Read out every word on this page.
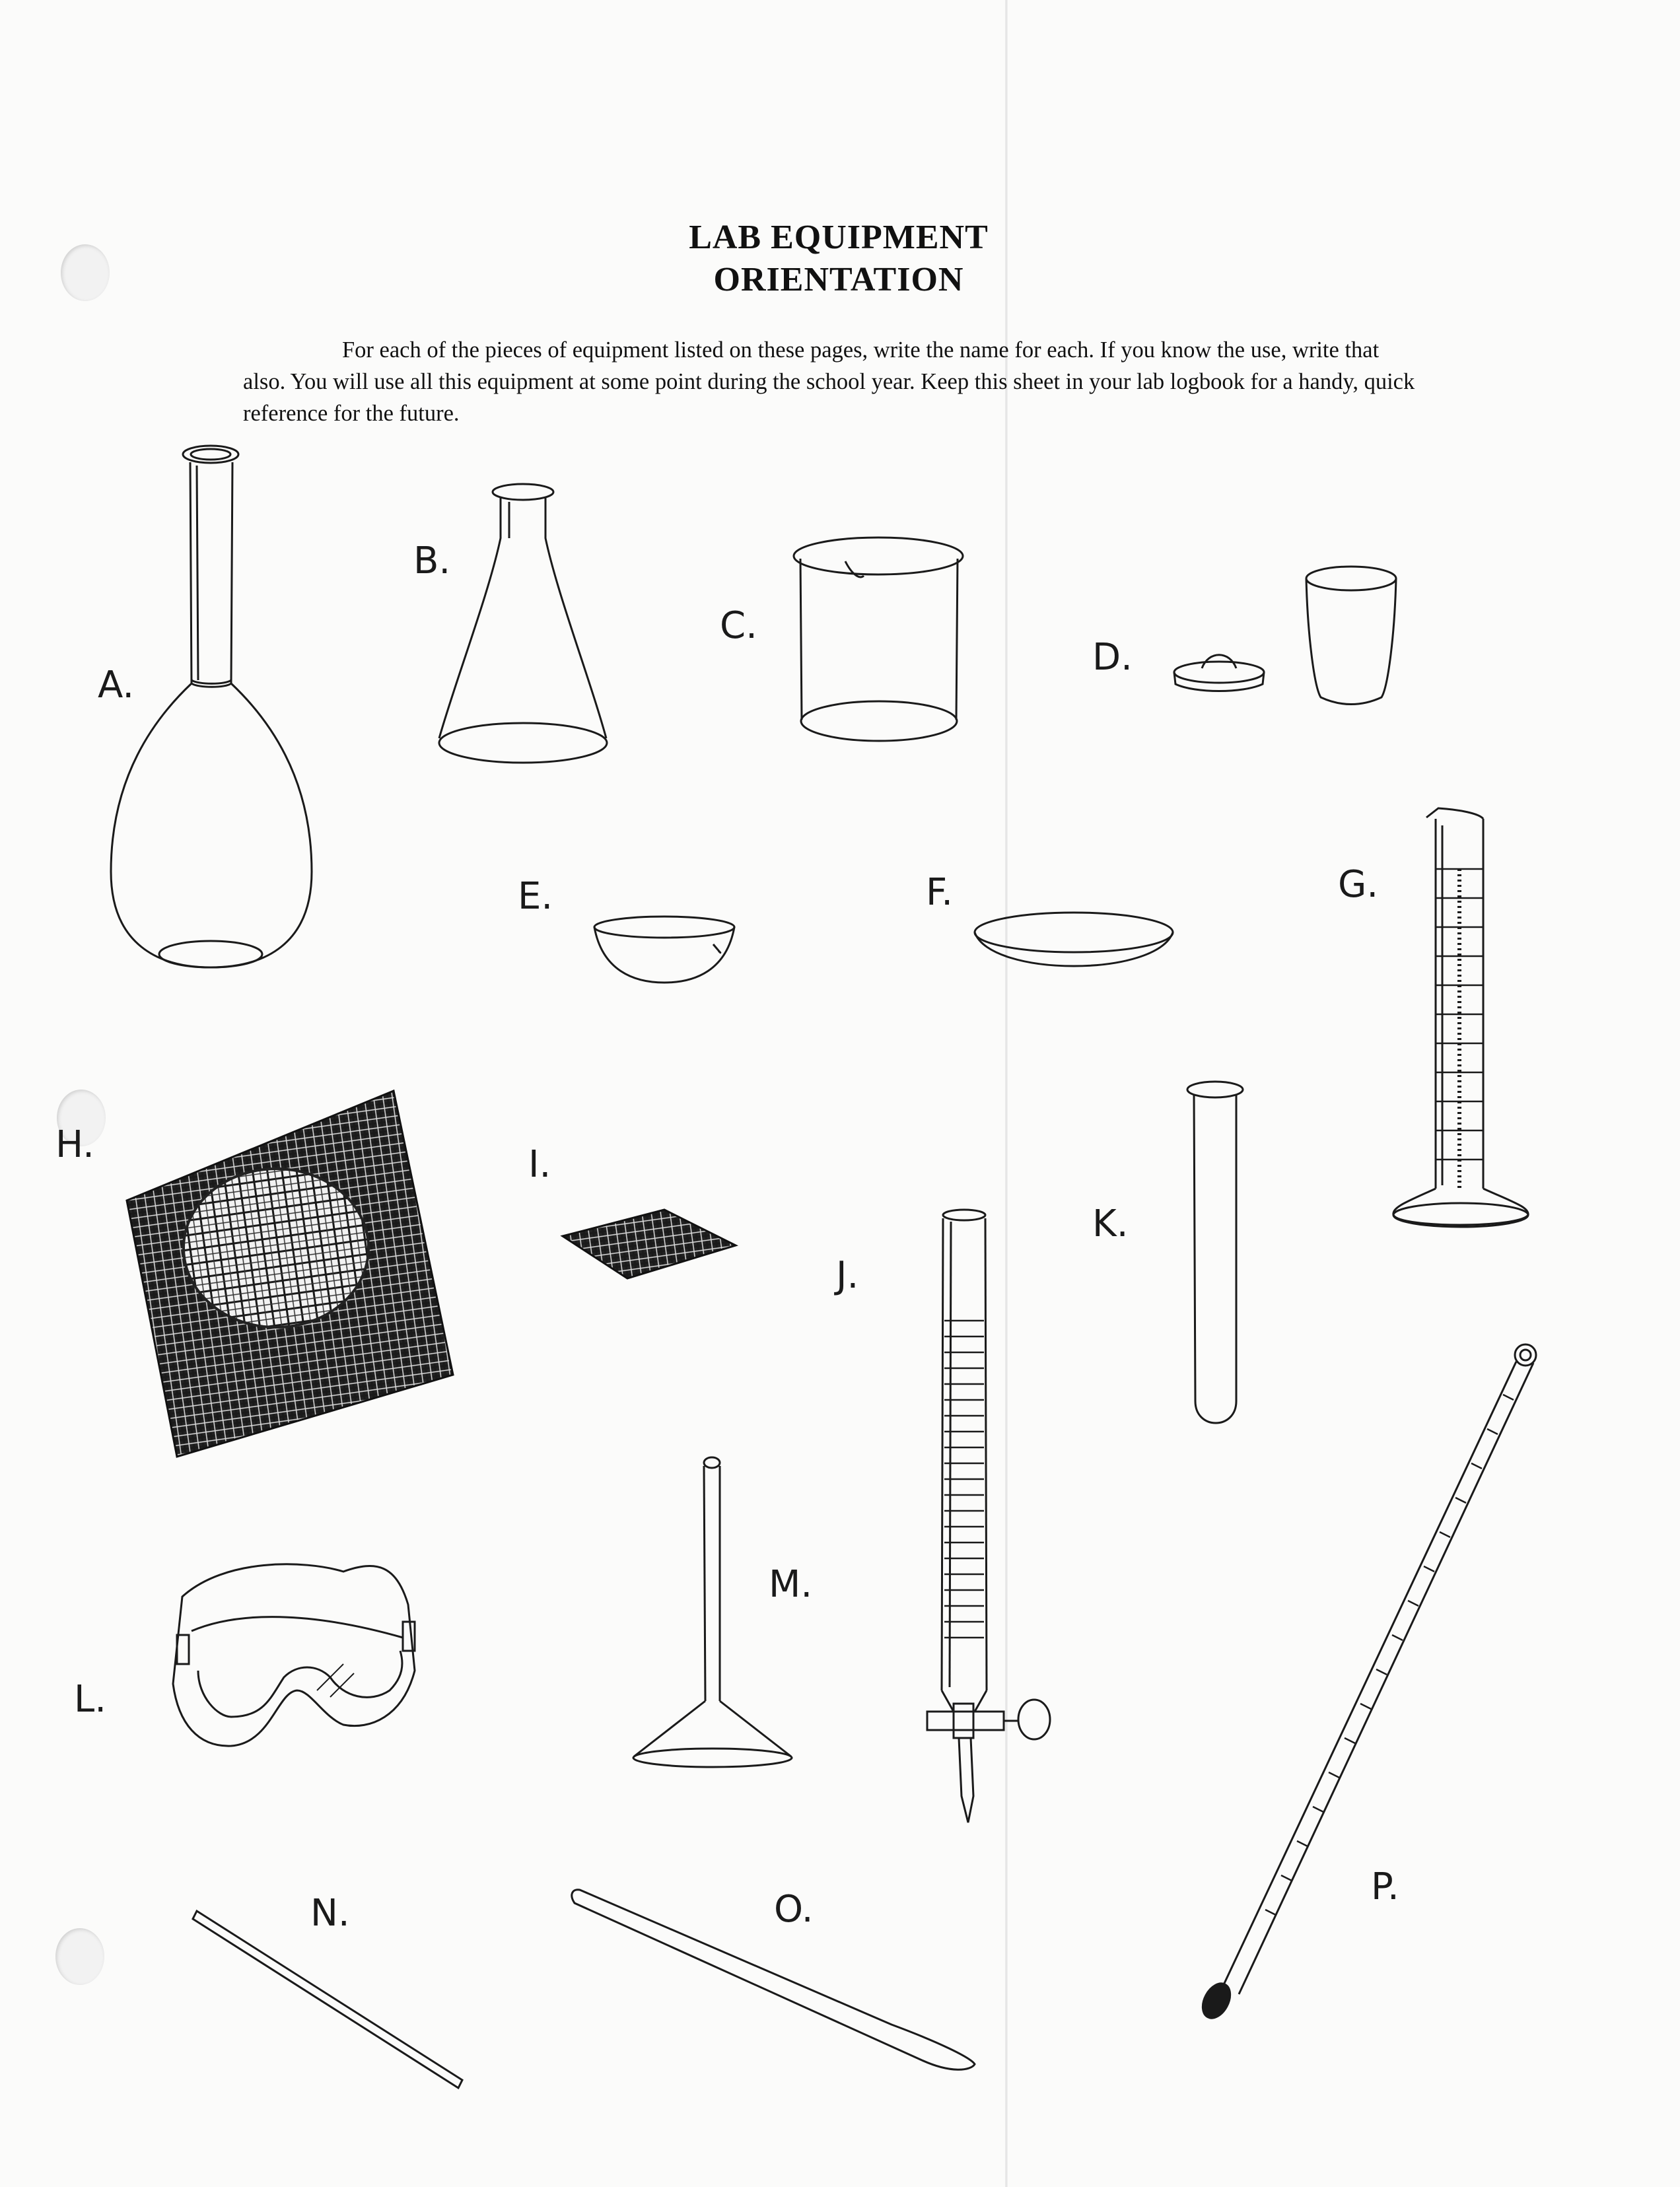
LAB EQUIPMENT
ORIENTATION
For each of the pieces of equipment listed on these pages, write the name for each. If you know the use, write that also. You will use all this equipment at some point during the school year. Keep this sheet in your lab logbook for a handy, quick reference for the future.
A.
B.
C.
D.
E.	F.	G.
H.	I.
J.
K.
L.
M.
N.	O.
P.
